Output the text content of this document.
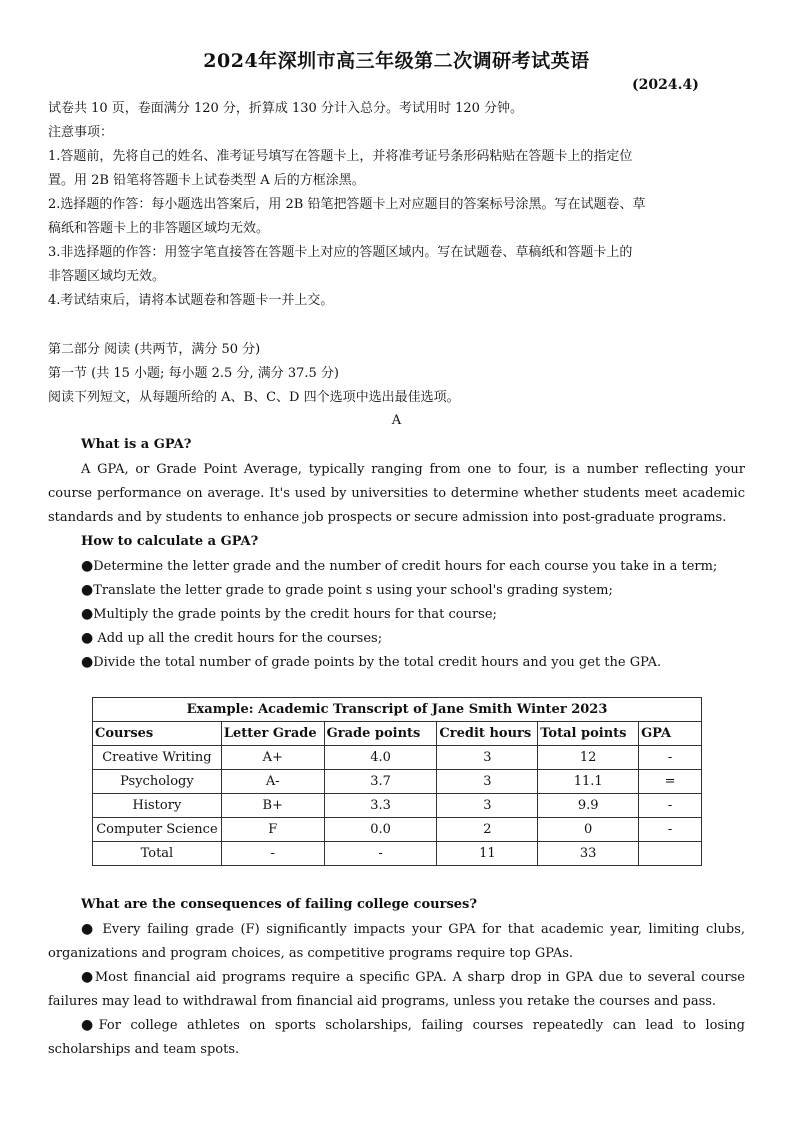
2024年深圳市高三年级第二次调研考试英语
(2024.4)
试卷共 10 页，卷面满分 120 分，折算成 130 分计入总分。考试用时 120 分钟。
注意事项：
1.答题前，先将自己的姓名、准考证号填写在答题卡上，并将准考证号条形码粘贴在答题卡上的指定位
置。用 2B 铅笔将答题卡上试卷类型 A 后的方框涂黑。
2.选择题的作答：每小题选出答案后，用 2B 铅笔把答题卡上对应题目的答案标号涂黑。写在试题卷、草
稿纸和答题卡上的非答题区域均无效。
3.非选择题的作答：用签字笔直接答在答题卡上对应的答题区域内。写在试题卷、草稿纸和答题卡上的
非答题区域均无效。
4.考试结束后，请将本试题卷和答题卡一并上交。
第二部分 阅读 (共两节，满分 50 分)
第一节 (共 15 小题; 每小题 2.5 分, 满分 37.5 分)
阅读下列短文，从每题所给的 A、B、C、D 四个选项中选出最佳选项。
A
What is a GPA?
A GPA, or Grade Point Average, typically ranging from one to four, is a number reflecting your course performance on average. It's used by universities to determine whether students meet academic standards and by students to enhance job prospects or secure admission into post-graduate programs.
How to calculate a GPA?
●Determine the letter grade and the number of credit hours for each course you take in a term;
●Translate the letter grade to grade point s using your school's grading system;
●Multiply the grade points by the credit hours for that course;
● Add up all the credit hours for the courses;
●Divide the total number of grade points by the total credit hours and you get the GPA.
Example: Academic Transcript of Jane Smith Winter 2023					
Courses	Letter Grade	Grade points	Credit hours	Total points	GPA
Creative Writing	A+	4.0	3	12	-
Psychology	A-	3.7	3	11.1	=
History	B+	3.3	3	9.9	-
Computer Science	F	0.0	2	0	-
Total	-	-	11	33	
What are the consequences of failing college courses?
● Every failing grade (F) significantly impacts your GPA for that academic year, limiting clubs, organizations and program choices, as competitive programs require top GPAs.
●Most financial aid programs require a specific GPA. A sharp drop in GPA due to several course failures may lead to withdrawal from financial aid programs, unless you retake the courses and pass.
●For college athletes on sports scholarships, failing courses repeatedly can lead to losing scholarships and team spots.
